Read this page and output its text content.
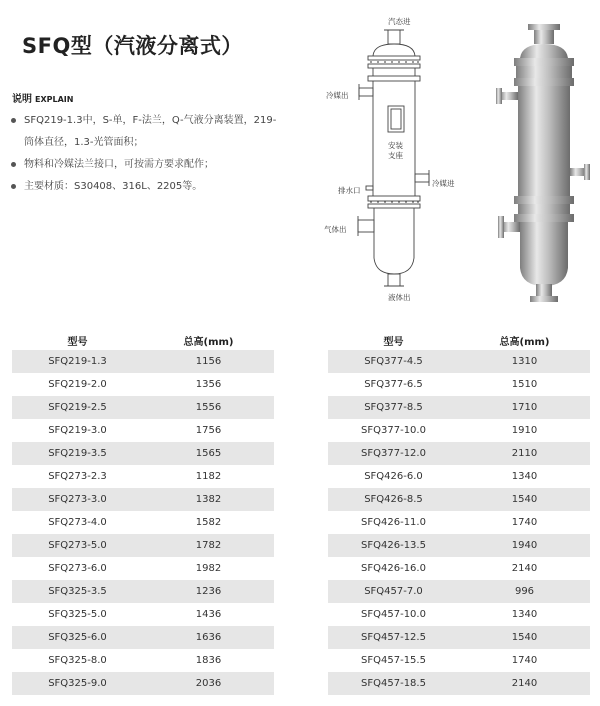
SFQ型（汽液分离式）
说明 EXPLAIN
SFQ219-1.3中，S-单，F-法兰，Q-气液分离装置，219-
筒体直径，1.3-光管面积；
物料和冷媒法兰接口，可按需方要求配作；
主要材质：S30408、316L、2205等。
汽态进
冷媒出
安装
支座
冷媒进
排水口
气体出
液体出
型号	总高(mm)
SFQ219-1.3	1156
SFQ219-2.0	1356
SFQ219-2.5	1556
SFQ219-3.0	1756
SFQ219-3.5	1565
SFQ273-2.3	1182
SFQ273-3.0	1382
SFQ273-4.0	1582
SFQ273-5.0	1782
SFQ273-6.0	1982
SFQ325-3.5	1236
SFQ325-5.0	1436
SFQ325-6.0	1636
SFQ325-8.0	1836
SFQ325-9.0	2036
型号	总高(mm)
SFQ377-4.5	1310
SFQ377-6.5	1510
SFQ377-8.5	1710
SFQ377-10.0	1910
SFQ377-12.0	2110
SFQ426-6.0	1340
SFQ426-8.5	1540
SFQ426-11.0	1740
SFQ426-13.5	1940
SFQ426-16.0	2140
SFQ457-7.0	996
SFQ457-10.0	1340
SFQ457-12.5	1540
SFQ457-15.5	1740
SFQ457-18.5	2140
